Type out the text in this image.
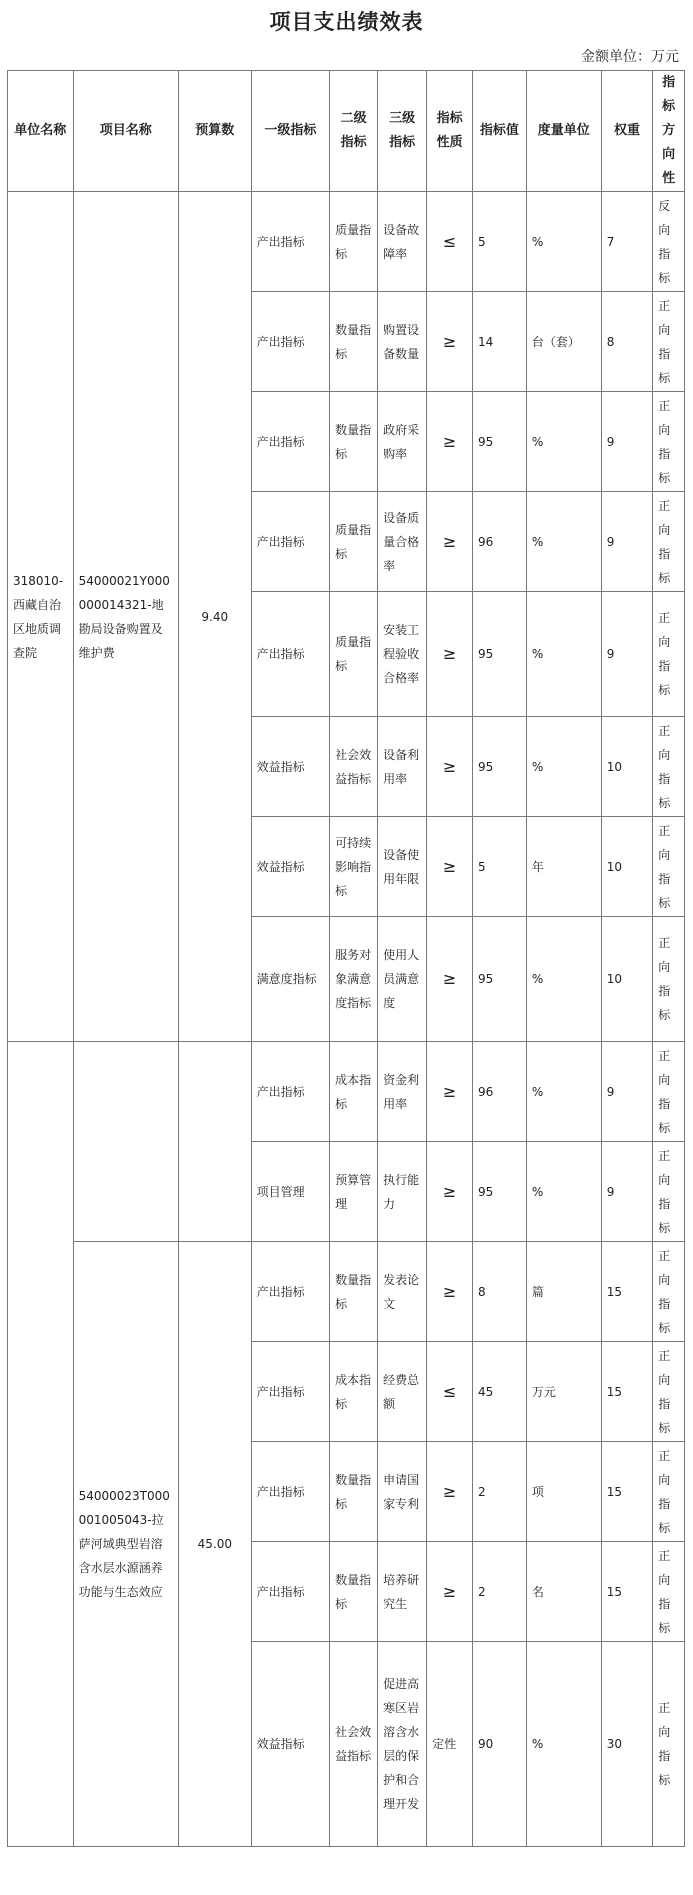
项目支出绩效表
金额单位：万元
单位名称	项目名称	预算数	一级指标	二级指标	三级指标	指标性质	指标值	度量单位	权重	指标方向性
318010-西藏自治区地质调查院	54000021Y000000014321-地勘局设备购置及维护费	9.40	产出指标	质量指标	设备故障率	≤	5	%	7	反向指标
			产出指标	数量指标	购置设备数量	≥	14	台（套）	8	正向指标
			产出指标	数量指标	政府采购率	≥	95	%	9	正向指标
			产出指标	质量指标	设备质量合格率	≥	96	%	9	正向指标
			产出指标	质量指标	安装工程验收合格率	≥	95	%	9	正向指标
			效益指标	社会效益指标	设备利用率	≥	95	%	10	正向指标
			效益指标	可持续影响指标	设备使用年限	≥	5	年	10	正向指标
			满意度指标	服务对象满意度指标	使用人员满意度	≥	95	%	10	正向指标
			产出指标	成本指标	资金利用率	≥	96	%	9	正向指标
			项目管理	预算管理	执行能力	≥	95	%	9	正向指标
	54000023T000001005043-拉萨河域典型岩溶含水层水源涵养功能与生态效应	45.00	产出指标	数量指标	发表论文	≥	8	篇	15	正向指标
			产出指标	成本指标	经费总额	≤	45	万元	15	正向指标
			产出指标	数量指标	申请国家专利	≥	2	项	15	正向指标
			产出指标	数量指标	培养研究生	≥	2	名	15	正向指标
			效益指标	社会效益指标	促进高寒区岩溶含水层的保护和合理开发	定性	90	%	30	正向指标
